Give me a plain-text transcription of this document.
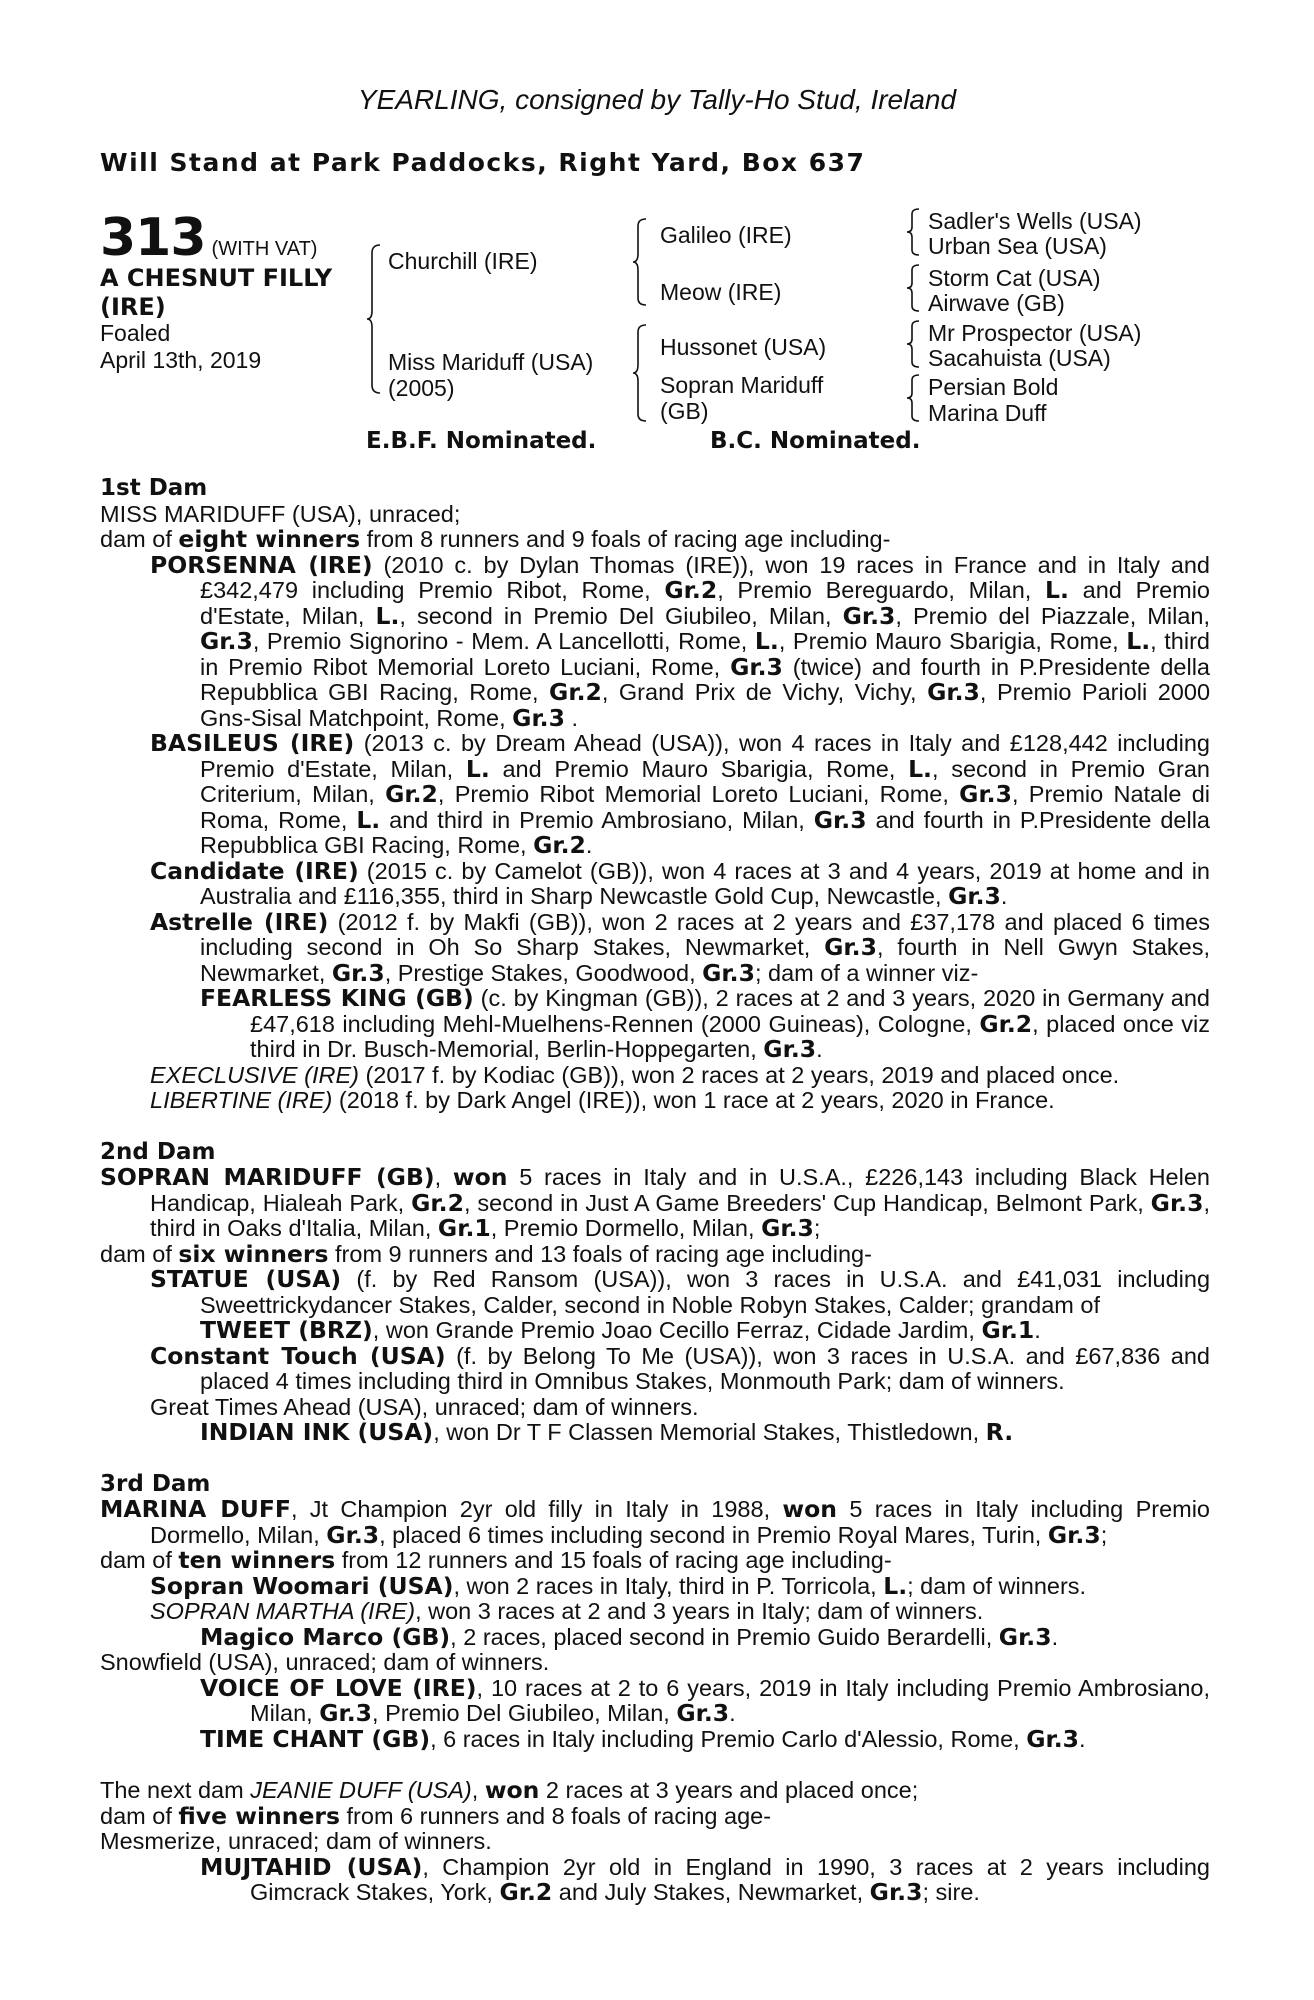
YEARLING, consigned by Tally-Ho Stud, Ireland
Will Stand at Park Paddocks, Right Yard, Box 637
313 (WITH VAT)
A CHESNUT FILLY
(IRE)
Foaled
April 13th, 2019
Churchill (IRE)
Miss Mariduff (USA)
(2005)
Galileo (IRE)
Meow (IRE)
Hussonet (USA)
Sopran Mariduff
(GB)
Sadler's Wells (USA)
Urban Sea (USA)
Storm Cat (USA)
Airwave (GB)
Mr Prospector (USA)
Sacahuista (USA)
Persian Bold
Marina Duff
E.B.F. Nominated.	B.C. Nominated.
1st Dam

MISS MARIDUFF (USA), unraced;

dam of eight winners from 8 runners and 9 foals of racing age including-

PORSENNA (IRE) (2010 c. by Dylan Thomas (IRE)), won 19 races in France and in Italy and £342,479 including Premio Ribot, Rome, Gr.2, Premio Bereguardo, Milan, L. and Premio d'Estate, Milan, L., second in Premio Del Giubileo, Milan, Gr.3, Premio del Piazzale, Milan, Gr.3, Premio Signorino - Mem. A Lancellotti, Rome, L., Premio Mauro Sbarigia, Rome, L., third in Premio Ribot Memorial Loreto Luciani, Rome, Gr.3 (twice) and fourth in P.Presidente della Repubblica GBI Racing, Rome, Gr.2, Grand Prix de Vichy, Vichy, Gr.3, Premio Parioli 2000 Gns-Sisal Matchpoint, Rome, Gr.3 .

BASILEUS (IRE) (2013 c. by Dream Ahead (USA)), won 4 races in Italy and £128,442 including Premio d'Estate, Milan, L. and Premio Mauro Sbarigia, Rome, L., second in Premio Gran Criterium, Milan, Gr.2, Premio Ribot Memorial Loreto Luciani, Rome, Gr.3, Premio Natale di Roma, Rome, L. and third in Premio Ambrosiano, Milan, Gr.3 and fourth in P.Presidente della Repubblica GBI Racing, Rome, Gr.2.

Candidate (IRE) (2015 c. by Camelot (GB)), won 4 races at 3 and 4 years, 2019 at home and in Australia and £116,355, third in Sharp Newcastle Gold Cup, Newcastle, Gr.3.

Astrelle (IRE) (2012 f. by Makfi (GB)), won 2 races at 2 years and £37,178 and placed 6 times including second in Oh So Sharp Stakes, Newmarket, Gr.3, fourth in Nell Gwyn Stakes, Newmarket, Gr.3, Prestige Stakes, Goodwood, Gr.3; dam of a winner viz-

FEARLESS KING (GB) (c. by Kingman (GB)), 2 races at 2 and 3 years, 2020 in Germany and £47,618 including Mehl-Muelhens-Rennen (2000 Guineas), Cologne, Gr.2, placed once viz third in Dr. Busch-Memorial, Berlin-Hoppegarten, Gr.3.

EXECLUSIVE (IRE) (2017 f. by Kodiac (GB)), won 2 races at 2 years, 2019 and placed once.

LIBERTINE (IRE) (2018 f. by Dark Angel (IRE)), won 1 race at 2 years, 2020 in France.

2nd Dam

SOPRAN MARIDUFF (GB), won 5 races in Italy and in U.S.A., £226,143 including Black Helen Handicap, Hialeah Park, Gr.2, second in Just A Game Breeders' Cup Handicap, Belmont Park, Gr.3, third in Oaks d'Italia, Milan, Gr.1, Premio Dormello, Milan, Gr.3;

dam of six winners from 9 runners and 13 foals of racing age including-

STATUE (USA) (f. by Red Ransom (USA)), won 3 races in U.S.A. and £41,031 including Sweettrickydancer Stakes, Calder, second in Noble Robyn Stakes, Calder; grandam of

TWEET (BRZ), won Grande Premio Joao Cecillo Ferraz, Cidade Jardim, Gr.1.

Constant Touch (USA) (f. by Belong To Me (USA)), won 3 races in U.S.A. and £67,836 and placed 4 times including third in Omnibus Stakes, Monmouth Park; dam of winners.

Great Times Ahead (USA), unraced; dam of winners.

INDIAN INK (USA), won Dr T F Classen Memorial Stakes, Thistledown, R.

3rd Dam

MARINA DUFF, Jt Champion 2yr old filly in Italy in 1988, won 5 races in Italy including Premio Dormello, Milan, Gr.3, placed 6 times including second in Premio Royal Mares, Turin, Gr.3;

dam of ten winners from 12 runners and 15 foals of racing age including-

Sopran Woomari (USA), won 2 races in Italy, third in P. Torricola, L.; dam of winners.

SOPRAN MARTHA (IRE), won 3 races at 2 and 3 years in Italy; dam of winners.

Magico Marco (GB), 2 races, placed second in Premio Guido Berardelli, Gr.3.

Snowfield (USA), unraced; dam of winners.

VOICE OF LOVE (IRE), 10 races at 2 to 6 years, 2019 in Italy including Premio Ambrosiano, Milan, Gr.3, Premio Del Giubileo, Milan, Gr.3.

TIME CHANT (GB), 6 races in Italy including Premio Carlo d'Alessio, Rome, Gr.3.

The next dam JEANIE DUFF (USA), won 2 races at 3 years and placed once;

dam of five winners from 6 runners and 8 foals of racing age-

Mesmerize, unraced; dam of winners.

MUJTAHID (USA), Champion 2yr old in England in 1990, 3 races at 2 years including Gimcrack Stakes, York, Gr.2 and July Stakes, Newmarket, Gr.3; sire.
